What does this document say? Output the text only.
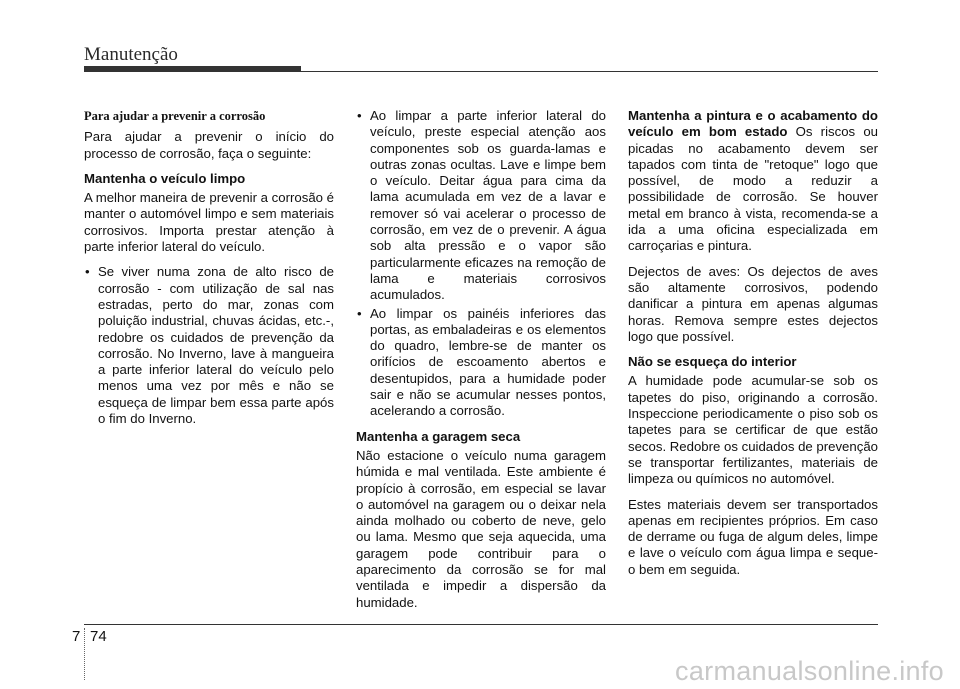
Manutenção
Para ajudar a prevenir a corrosão

Para ajudar a prevenir o início do processo de corrosão, faça o seguinte:

Mantenha o veículo limpo

A melhor maneira de prevenir a corrosão é manter o automóvel limpo e sem materiais corrosivos. Importa prestar atenção à parte inferior lateral do veículo.

• Se viver numa zona de alto risco de corrosão - com utilização de sal nas estradas, perto do mar, zonas com poluição industrial, chuvas ácidas, etc.-, redobre os cuidados de prevenção da corrosão. No Inverno, lave à mangueira a parte inferior lateral do veículo pelo menos uma vez por mês e não se esqueça de limpar bem essa parte após o fim do Inverno.
• Ao limpar a parte inferior lateral do veículo, preste especial atenção aos componentes sob os guarda-lamas e outras zonas ocultas. Lave e limpe bem o veículo. Deitar água para cima da lama acumulada em vez de a lavar e remover só vai acelerar o processo de corrosão, em vez de o prevenir. A água sob alta pressão e o vapor são particularmente eficazes na remoção de lama e materiais corrosivos acumulados.
• Ao limpar os painéis inferiores das portas, as embaladeiras e os elementos do quadro, lembre-se de manter os orifícios de escoamento abertos e desentupidos, para a humidade poder sair e não se acumular nesses pontos, acelerando a corrosão.
Mantenha a garagem seca

Não estacione o veículo numa garagem húmida e mal ventilada. Este ambiente é propício à corrosão, em especial se lavar o automóvel na garagem ou o deixar nela ainda molhado ou coberto de neve, gelo ou lama. Mesmo que seja aquecida, uma garagem pode contribuir para o aparecimento da corrosão se for mal ventilada e impedir a dispersão da humidade.

Mantenha a pintura e o acabamento do veículo em bom estado Os riscos ou picadas no acabamento devem ser tapados com tinta de "retoque" logo que possível, de modo a reduzir a possibilidade de corrosão. Se houver metal em branco à vista, recomenda-se a ida a uma oficina especializada em carroçarias e pintura.

Dejectos de aves: Os dejectos de aves são altamente corrosivos, podendo danificar a pintura em apenas algumas horas. Remova sempre estes dejectos logo que possível.

Não se esqueça do interior

A humidade pode acumular-se sob os tapetes do piso, originando a corrosão. Inspeccione periodicamente o piso sob os tapetes para se certificar de que estão secos. Redobre os cuidados de prevenção se transportar fertilizantes, materiais de limpeza ou químicos no automóvel.

Estes materiais devem ser transportados apenas em recipientes próprios. Em caso de derrame ou fuga de algum deles, limpe e lave o veículo com água limpa e seque-o bem em seguida.

7 74
carmanualsonline.info
